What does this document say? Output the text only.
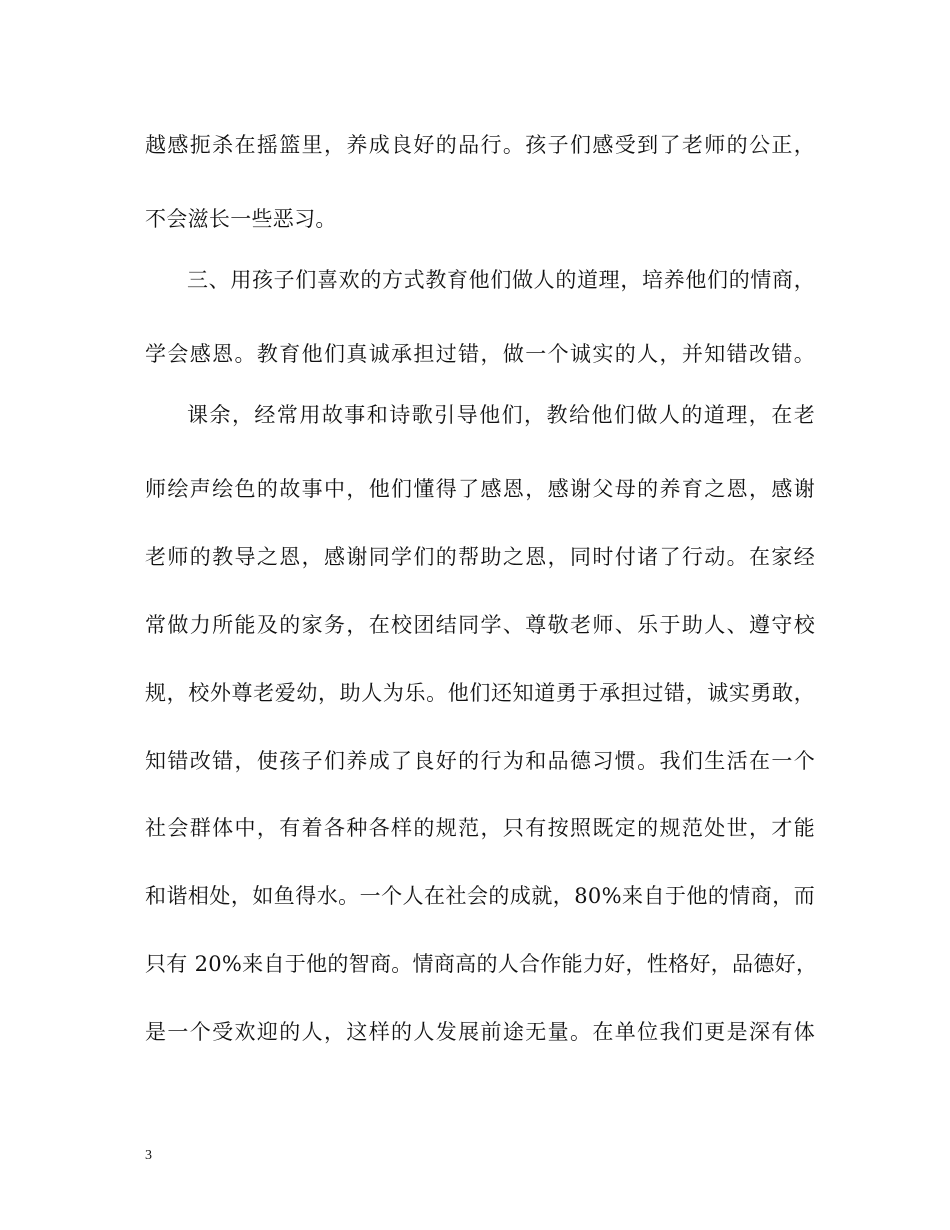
越感扼杀在摇篮里，养成良好的品行。孩子们感受到了老师的公正，
不会滋长一些恶习。
三、用孩子们喜欢的方式教育他们做人的道理，培养他们的情商，
学会感恩。教育他们真诚承担过错，做一个诚实的人，并知错改错。
课余，经常用故事和诗歌引导他们，教给他们做人的道理，在老
师绘声绘色的故事中，他们懂得了感恩，感谢父母的养育之恩，感谢
老师的教导之恩，感谢同学们的帮助之恩，同时付诸了行动。在家经
常做力所能及的家务，在校团结同学、尊敬老师、乐于助人、遵守校
规，校外尊老爱幼，助人为乐。他们还知道勇于承担过错，诚实勇敢，
知错改错，使孩子们养成了良好的行为和品德习惯。我们生活在一个
社会群体中，有着各种各样的规范，只有按照既定的规范处世，才能
和谐相处，如鱼得水。一个人在社会的成就，80%来自于他的情商，而
只有 20%来自于他的智商。情商高的人合作能力好，性格好，品德好，
是一个受欢迎的人，这样的人发展前途无量。在单位我们更是深有体
3
